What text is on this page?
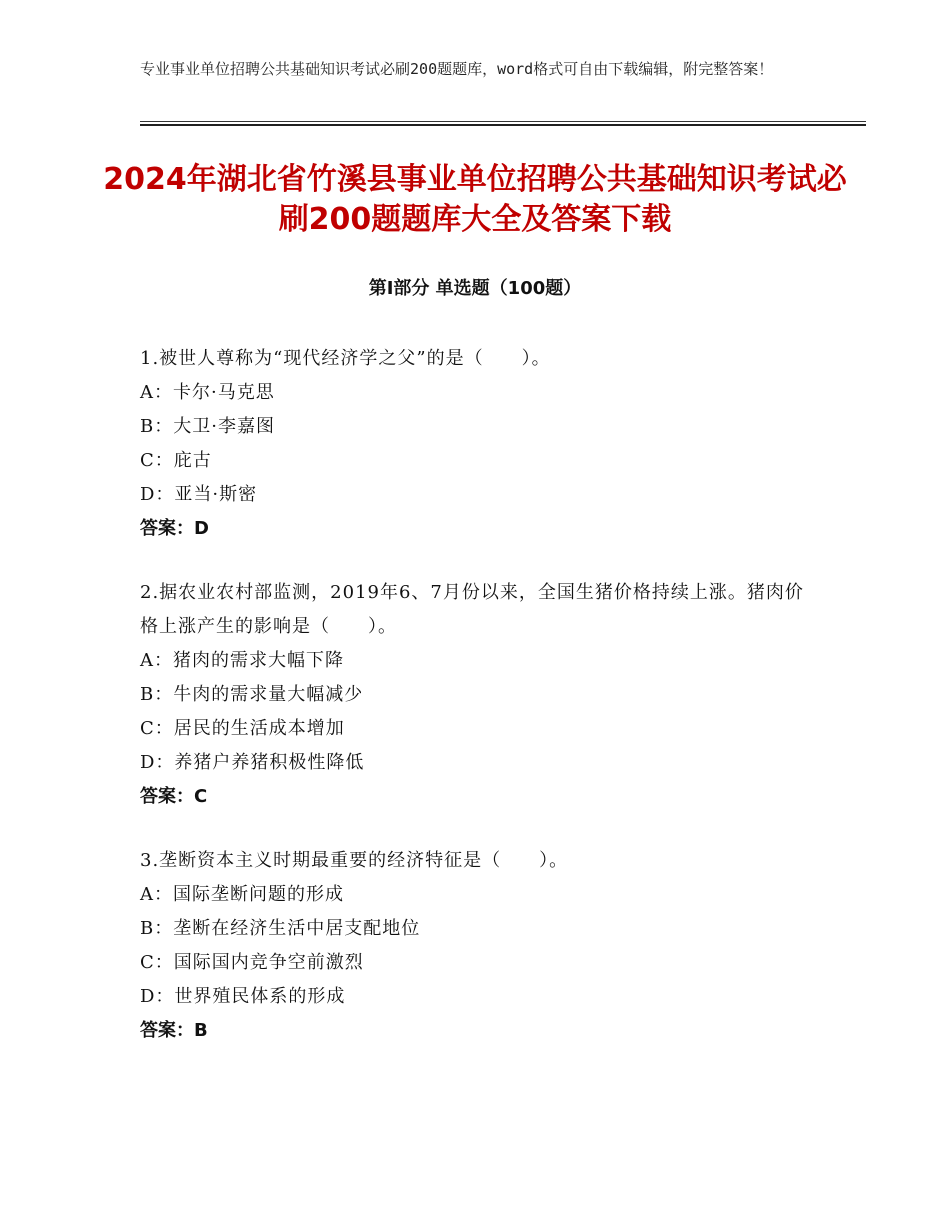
专业事业单位招聘公共基础知识考试必刷200题题库，word格式可自由下载编辑，附完整答案！
2024年湖北省竹溪县事业单位招聘公共基础知识考试必刷200题题库大全及答案下载
第Ⅰ部分 单选题（100题）
1.被世人尊称为“现代经济学之父”的是（　　）。
A：卡尔·马克思
B：大卫·李嘉图
C：庇古
D：亚当·斯密
答案：D
2.据农业农村部监测，2019年6、7月份以来，全国生猪价格持续上涨。猪肉价格上涨产生的影响是（　　）。
A：猪肉的需求大幅下降
B：牛肉的需求量大幅减少
C：居民的生活成本增加
D：养猪户养猪积极性降低
答案：C
3.垄断资本主义时期最重要的经济特征是（　　）。
A：国际垄断问题的形成
B：垄断在经济生活中居支配地位
C：国际国内竞争空前激烈
D：世界殖民体系的形成
答案：B
